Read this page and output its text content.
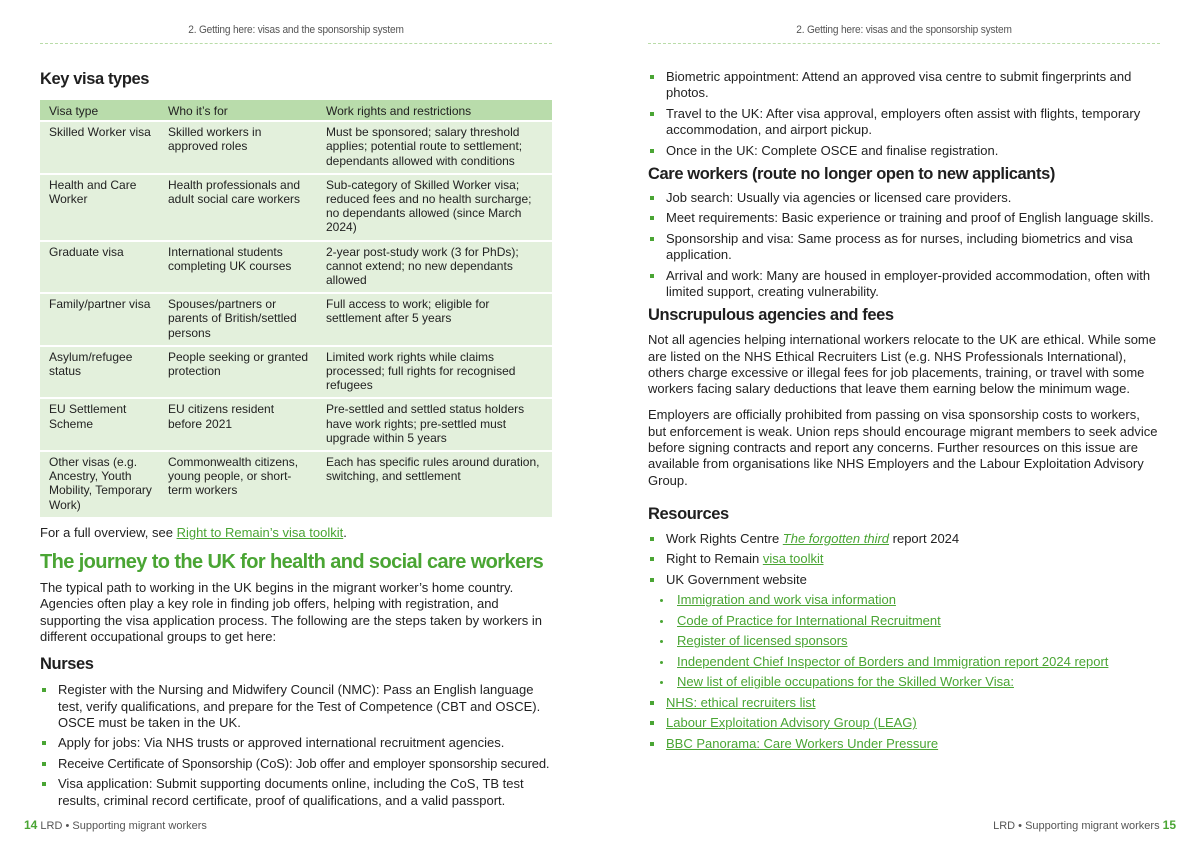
2. Getting here: visas and the sponsorship system
Key visa types
Visa type	Who it’s for	Work rights and restrictions
Skilled Worker visa	Skilled workers in approved roles	Must be sponsored; salary threshold applies; potential route to settlement; dependants allowed with conditions
Health and Care Worker	Health professionals and adult social care workers	Sub-category of Skilled Worker visa; reduced fees and no health surcharge; no dependants allowed (since March 2024)
Graduate visa	International students completing UK courses	2-year post-study work (3 for PhDs); cannot extend; no new dependants allowed
Family/partner visa	Spouses/partners or parents of British/settled persons	Full access to work; eligible for settlement after 5 years
Asylum/refugee status	People seeking or granted protection	Limited work rights while claims processed; full rights for recognised refugees
EU Settlement Scheme	EU citizens resident before 2021	Pre-settled and settled status holders have work rights; pre-settled must upgrade within 5 years
Other visas (e.g. Ancestry, Youth Mobility, Temporary Work)	Commonwealth citizens, young people, or short-term workers	Each has specific rules around duration, switching, and settlement

For a full overview, see Right to Remain’s visa toolkit.

The journey to the UK for health and social care workers

The typical path to working in the UK begins in the migrant worker’s home country. Agencies often play a key role in finding job offers, helping with registration, and supporting the visa application process. The following are the steps taken by workers in different occupational groups to get here:

Nurses
Register with the Nursing and Midwifery Council (NMC): Pass an English language test, verify qualifications, and prepare for the Test of Competence (CBT and OSCE). OSCE must be taken in the UK.
Apply for jobs: Via NHS trusts or approved international recruitment agencies.
Receive Certificate of Sponsorship (CoS): Job offer and employer sponsorship secured.
Visa application: Submit supporting documents online, including the CoS, TB test results, criminal record certificate, proof of qualifications, and a valid passport.
14 LRD • Supporting migrant workers
2. Getting here: visas and the sponsorship system
Biometric appointment: Attend an approved visa centre to submit fingerprints and photos.
Travel to the UK: After visa approval, employers often assist with flights, temporary accommodation, and airport pickup.
Once in the UK: Complete OSCE and finalise registration.
Care workers (route no longer open to new applicants)
Job search: Usually via agencies or licensed care providers.
Meet requirements: Basic experience or training and proof of English language skills.
Sponsorship and visa: Same process as for nurses, including biometrics and visa application.
Arrival and work: Many are housed in employer-provided accommodation, often with limited support, creating vulnerability.
Unscrupulous agencies and fees

Not all agencies helping international workers relocate to the UK are ethical. While some are listed on the NHS Ethical Recruiters List (e.g. NHS Professionals International), others charge excessive or illegal fees for job placements, training, or travel with some workers facing salary deductions that leave them earning below the minimum wage.

Employers are officially prohibited from passing on visa sponsorship costs to workers, but enforcement is weak. Union reps should encourage migrant members to seek advice before signing contracts and report any concerns. Further resources on this issue are available from organisations like NHS Employers and the Labour Exploitation Advisory Group.

Resources
Work Rights Centre The forgotten third report 2024
Right to Remain visa toolkit
UK Government website
Immigration and work visa information
Code of Practice for International Recruitment
Register of licensed sponsors
Independent Chief Inspector of Borders and Immigration report 2024 report
New list of eligible occupations for the Skilled Worker Visa:
NHS: ethical recruiters list
Labour Exploitation Advisory Group (LEAG)
BBC Panorama: Care Workers Under Pressure
LRD • Supporting migrant workers 15
